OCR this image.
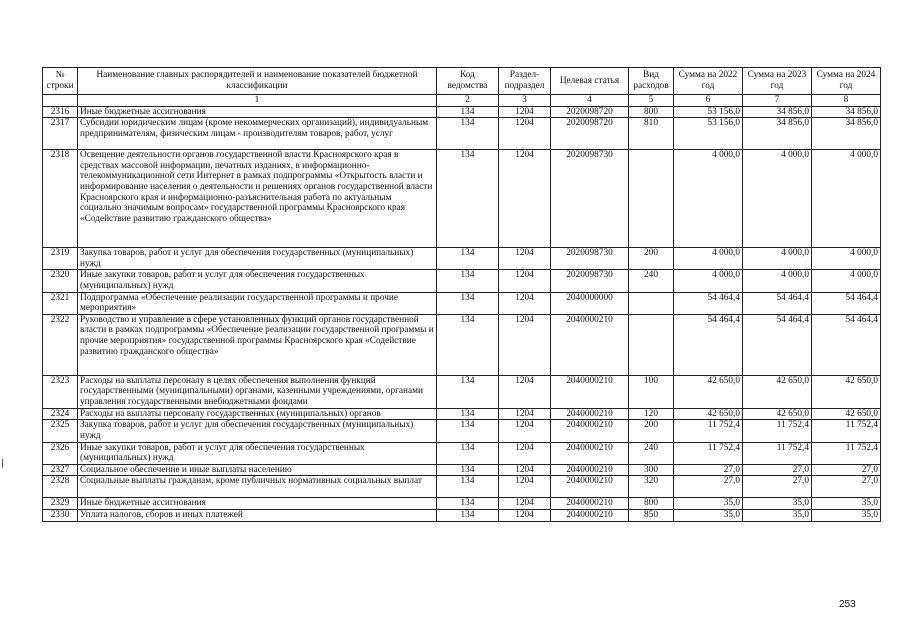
№ строки	Наименование главных распорядителей и наименование показателей бюджетной классификации	Код ведомства	Раздел-подраздел	Целевая статья	Вид расходов	Сумма на 2022 год	Сумма на 2023 год	Сумма на 2024 год
	1	2	3	4	5	6	7	8
2316	Иные бюджетные ассигнования	134	1204	2020098720	800	53 156,0	34 856,0	34 856,0
2317	Субсидии юридическим лицам (кроме некоммерческих организаций), индивидуальным предпринимателям, физическим лицам - производителям товаров, работ, услуг	134	1204	2020098720	810	53 156,0	34 856,0	34 856,0
2318	Освещение деятельности органов государственной власти Красноярского края в средствах массовой информации, печатных изданиях, в информационно-телекоммуникационной сети Интернет в рамках подпрограммы «Открытость власти и информирование населения о деятельности и решениях органов государственной власти Красноярского края и информационно-разъяснительная работа по актуальным социально значимым вопросам» государственной программы Красноярского края «Содействие развитию гражданского общества»	134	1204	2020098730		4 000,0	4 000,0	4 000,0
2319	Закупка товаров, работ и услуг для обеспечения государственных (муниципальных) нужд	134	1204	2020098730	200	4 000,0	4 000,0	4 000,0
2320	Иные закупки товаров, работ и услуг для обеспечения государственных (муниципальных) нужд	134	1204	2020098730	240	4 000,0	4 000,0	4 000,0
2321	Подпрограмма «Обеспечение реализации государственной программы и прочие мероприятия»	134	1204	2040000000		54 464,4	54 464,4	54 464,4
2322	Руководство и управление в сфере установленных функций органов государственной власти в рамках подпрограммы «Обеспечение реализации государственной программы и прочие мероприятия» государственной программы Красноярского края «Содействие развитию гражданского общества»	134	1204	2040000210		54 464,4	54 464,4	54 464,4
2323	Расходы на выплаты персоналу в целях обеспечения выполнения функций государственными (муниципальными) органами, казенными учреждениями, органами управления государственными внебюджетными фондами	134	1204	2040000210	100	42 650,0	42 650,0	42 650,0
2324	Расходы на выплаты персоналу государственных (муниципальных) органов	134	1204	2040000210	120	42 650,0	42 650,0	42 650,0
2325	Закупка товаров, работ и услуг для обеспечения государственных (муниципальных) нужд	134	1204	2040000210	200	11 752,4	11 752,4	11 752,4
2326	Иные закупки товаров, работ и услуг для обеспечения государственных (муниципальных) нужд	134	1204	2040000210	240	11 752,4	11 752,4	11 752,4
2327	Социальное обеспечение и иные выплаты населению	134	1204	2040000210	300	27,0	27,0	27,0
2328	Социальные выплаты гражданам, кроме публичных нормативных социальных выплат	134	1204	2040000210	320	27,0	27,0	27,0
2329	Иные бюджетные ассигнования	134	1204	2040000210	800	35,0	35,0	35,0
2330	Уплата налогов, сборов и иных платежей	134	1204	2040000210	850	35,0	35,0	35,0
253
